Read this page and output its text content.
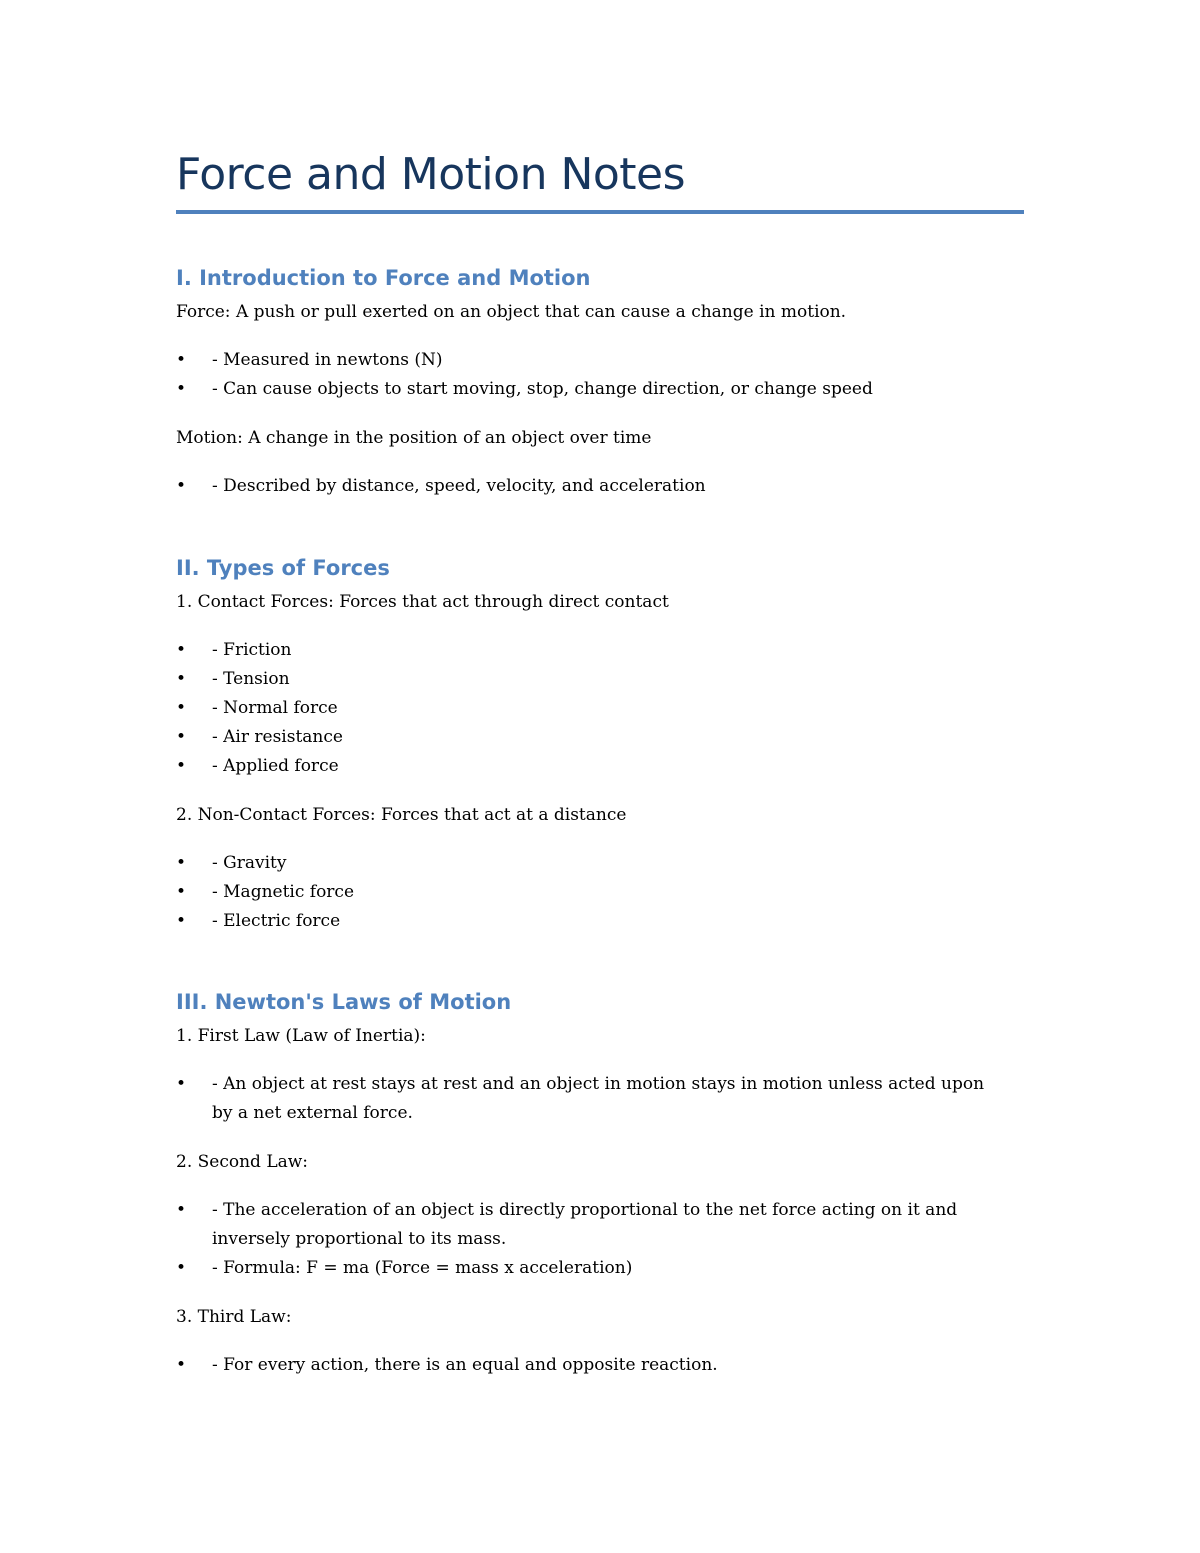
Force and Motion Notes
I. Introduction to Force and Motion

Force: A push or pull exerted on an object that can cause a change in motion.

• - Measured in newtons (N)
• - Can cause objects to start moving, stop, change direction, or change speed

Motion: A change in the position of an object over time

• - Described by distance, speed, velocity, and acceleration
II. Types of Forces

1. Contact Forces: Forces that act through direct contact

• - Friction
• - Tension
• - Normal force
• - Air resistance
• - Applied force

2. Non-Contact Forces: Forces that act at a distance

• - Gravity
• - Magnetic force
• - Electric force
III. Newton's Laws of Motion

1. First Law (Law of Inertia):

• - An object at rest stays at rest and an object in motion stays in motion unless acted upon by a net external force.

2. Second Law:

• - The acceleration of an object is directly proportional to the net force acting on it and inversely proportional to its mass.
• - Formula: F = ma (Force = mass x acceleration)

3. Third Law:

• - For every action, there is an equal and opposite reaction.
